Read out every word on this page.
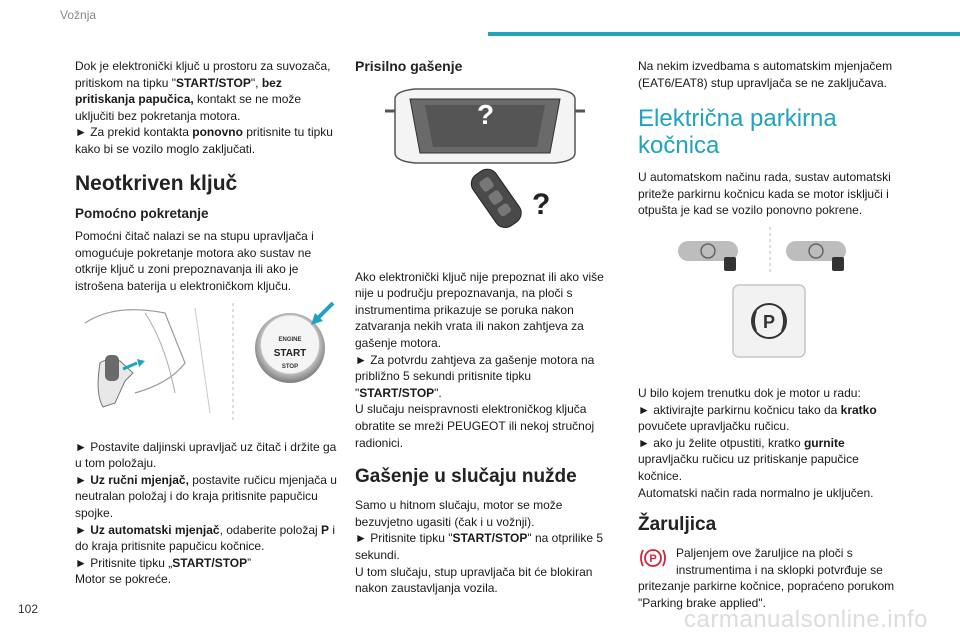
Vožnja

Dok je elektronički ključ u prostoru za suvozača, pritiskom na tipku "START/STOP", bez pritiskanja papučica, kontakt se ne može uključiti bez pokretanja motora.

► Za prekid kontakta ponovno pritisnite tu tipku kako bi se vozilo moglo zaključati.

Neotkriven ključ
Pomoćno pokretanje

Pomoćni čitač nalazi se na stupu upravljača i omogućuje pokretanje motora ako sustav ne otkrije ključ u zoni prepoznavanja ili ako je istrošena baterija u elektroničkom ključu.

ENGINE
START
STOP

► Postavite daljinski upravljač uz čitač i držite ga u tom položaju.

► Uz ručni mjenjač, postavite ručicu mjenjača u neutralan položaj i do kraja pritisnite papučicu spojke.

► Uz automatski mjenjač, odaberite položaj P i do kraja pritisnite papučicu kočnice.

► Pritisnite tipku „START/STOP”

Motor se pokreće.

Prisilno gašenje
?
?

Ako elektronički ključ nije prepoznat ili ako više nije u području prepoznavanja, na ploči s instrumentima prikazuje se poruka nakon zatvaranja nekih vrata ili nakon zahtjeva za gašenje motora.

► Za potvrdu zahtjeva za gašenje motora na približno 5 sekundi pritisnite tipku "START/STOP".

U slučaju neispravnosti elektroničkog ključa obratite se mreži PEUGEOT ili nekoj stručnoj radionici.

Gašenje u slučaju nužde

Samo u hitnom slučaju, motor se može bezuvjetno ugasiti (čak i u vožnji).

► Pritisnite tipku "START/STOP" na otprilike 5 sekundi.

U tom slučaju, stup upravljača bit će blokiran nakon zaustavljanja vozila.

Na nekim izvedbama s automatskim mjenjačem (EAT6/EAT8) stup upravljača se ne zaključava.

Električna parkirna kočnica

U automatskom načinu rada, sustav automatski priteže parkirnu kočnicu kada se motor isključi i otpušta je kad se vozilo ponovno pokrene.

P

U bilo kojem trenutku dok je motor u radu:

► aktivirajte parkirnu kočnicu tako da kratko povučete upravljačku ručicu.

► ako ju želite otpustiti, kratko gurnite upravljačku ručicu uz pritiskanje papučice kočnice.

Automatski način rada normalno je uključen.

Žaruljica
P	Paljenjem ove žaruljice na ploči s instrumentima i na sklopki potvrđuje se pritezanje parkirne kočnice, popraćeno porukom "Parking brake applied".

102	carmanualsonline.info
